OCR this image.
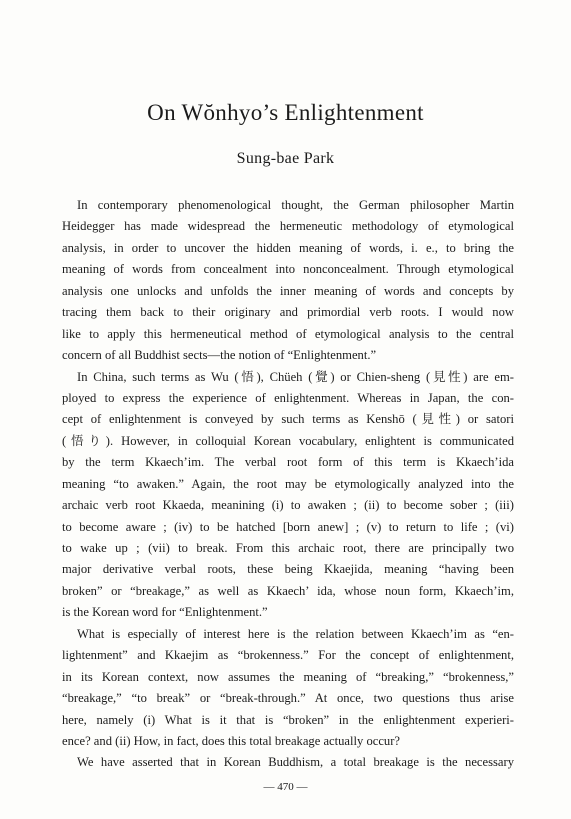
On Wŏnhyo’s Enlightenment
Sung-bae Park
In contemporary phenomenological thought, the German philosopher Martin
Heidegger has made widespread the hermeneutic methodology of etymological
analysis, in order to uncover the hidden meaning of words, i. e., to bring the
meaning of words from concealment into nonconcealment. Through etymological
analysis one unlocks and unfolds the inner meaning of words and concepts by
tracing them back to their originary and primordial verb roots. I would now
like to apply this hermeneutical method of etymological analysis to the central
concern of all Buddhist sects—the notion of “Enlightenment.”
In China, such terms as Wu (悟), Chüeh (覺) or Chien-sheng (見性) are em-
ployed to express the experience of enlightenment. Whereas in Japan, the con-
cept of enlightenment is conveyed by such terms as Kenshō (見性) or satori
(悟り). However, in colloquial Korean vocabulary, enlightent is communicated
by the term Kkaech’im. The verbal root form of this term is Kkaech’ida
meaning “to awaken.” Again, the root may be etymologically analyzed into the
archaic verb root Kkaeda, meanining (i) to awaken ; (ii) to become sober ; (iii)
to become aware ; (iv) to be hatched [born anew] ; (v) to return to life ; (vi)
to wake up ; (vii) to break. From this archaic root, there are principally two
major derivative verbal roots, these being Kkaejida, meaning “having been
broken” or “breakage,” as well as Kkaech’ ida, whose noun form, Kkaech’im,
is the Korean word for “Enlightenment.”
What is especially of interest here is the relation between Kkaech’im as “en-
lightenment” and Kkaejim as “brokenness.” For the concept of enlightenment,
in its Korean context, now assumes the meaning of “breaking,” “brokenness,”
“breakage,” “to break” or “break-through.” At once, two questions thus arise
here, namely (i) What is it that is “broken” in the enlightenment experieri-
ence? and (ii) How, in fact, does this total breakage actually occur?
We have asserted that in Korean Buddhism, a total breakage is the necessary
— 470 —
